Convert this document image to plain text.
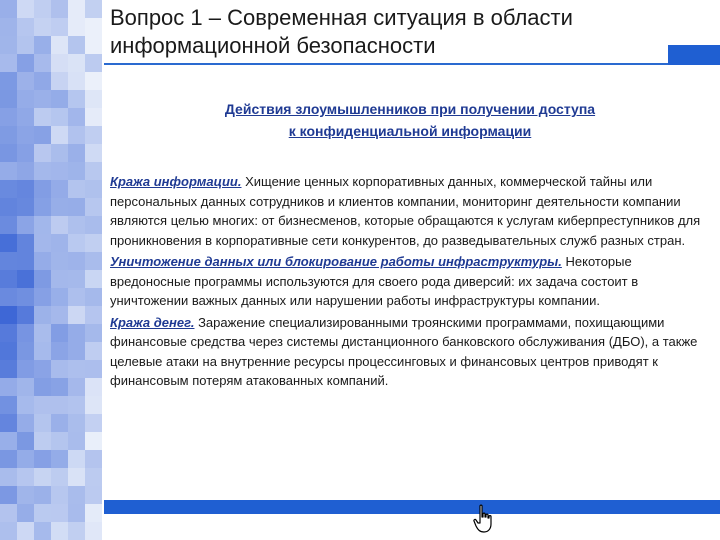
Вопрос 1 – Современная ситуация в области информационной безопасности
Действия злоумышленников при получении доступа
к конфиденциальной информации

Кража информации. Хищение ценных корпоративных данных, коммерческой тайны или персональных данных сотрудников и клиентов компании, мониторинг деятельности компании являются целью многих: от бизнесменов, которые обращаются к услугам киберпреступников для проникновения в корпоративные сети конкурентов, до разведывательных служб разных стран.

Уничтожение данных или блокирование работы инфраструктуры. Некоторые вредоносные программы используются для своего рода диверсий: их задача состоит в уничтожении важных данных или нарушении работы инфраструктуры компании.

Кража денег. Заражение специализированными троянскими программами, похищающими финансовые средства через системы дистанционного банковского обслуживания (ДБО), а также целевые атаки на внутренние ресурсы процессинговых и финансовых центров приводят к финансовым потерям атакованных компаний.
